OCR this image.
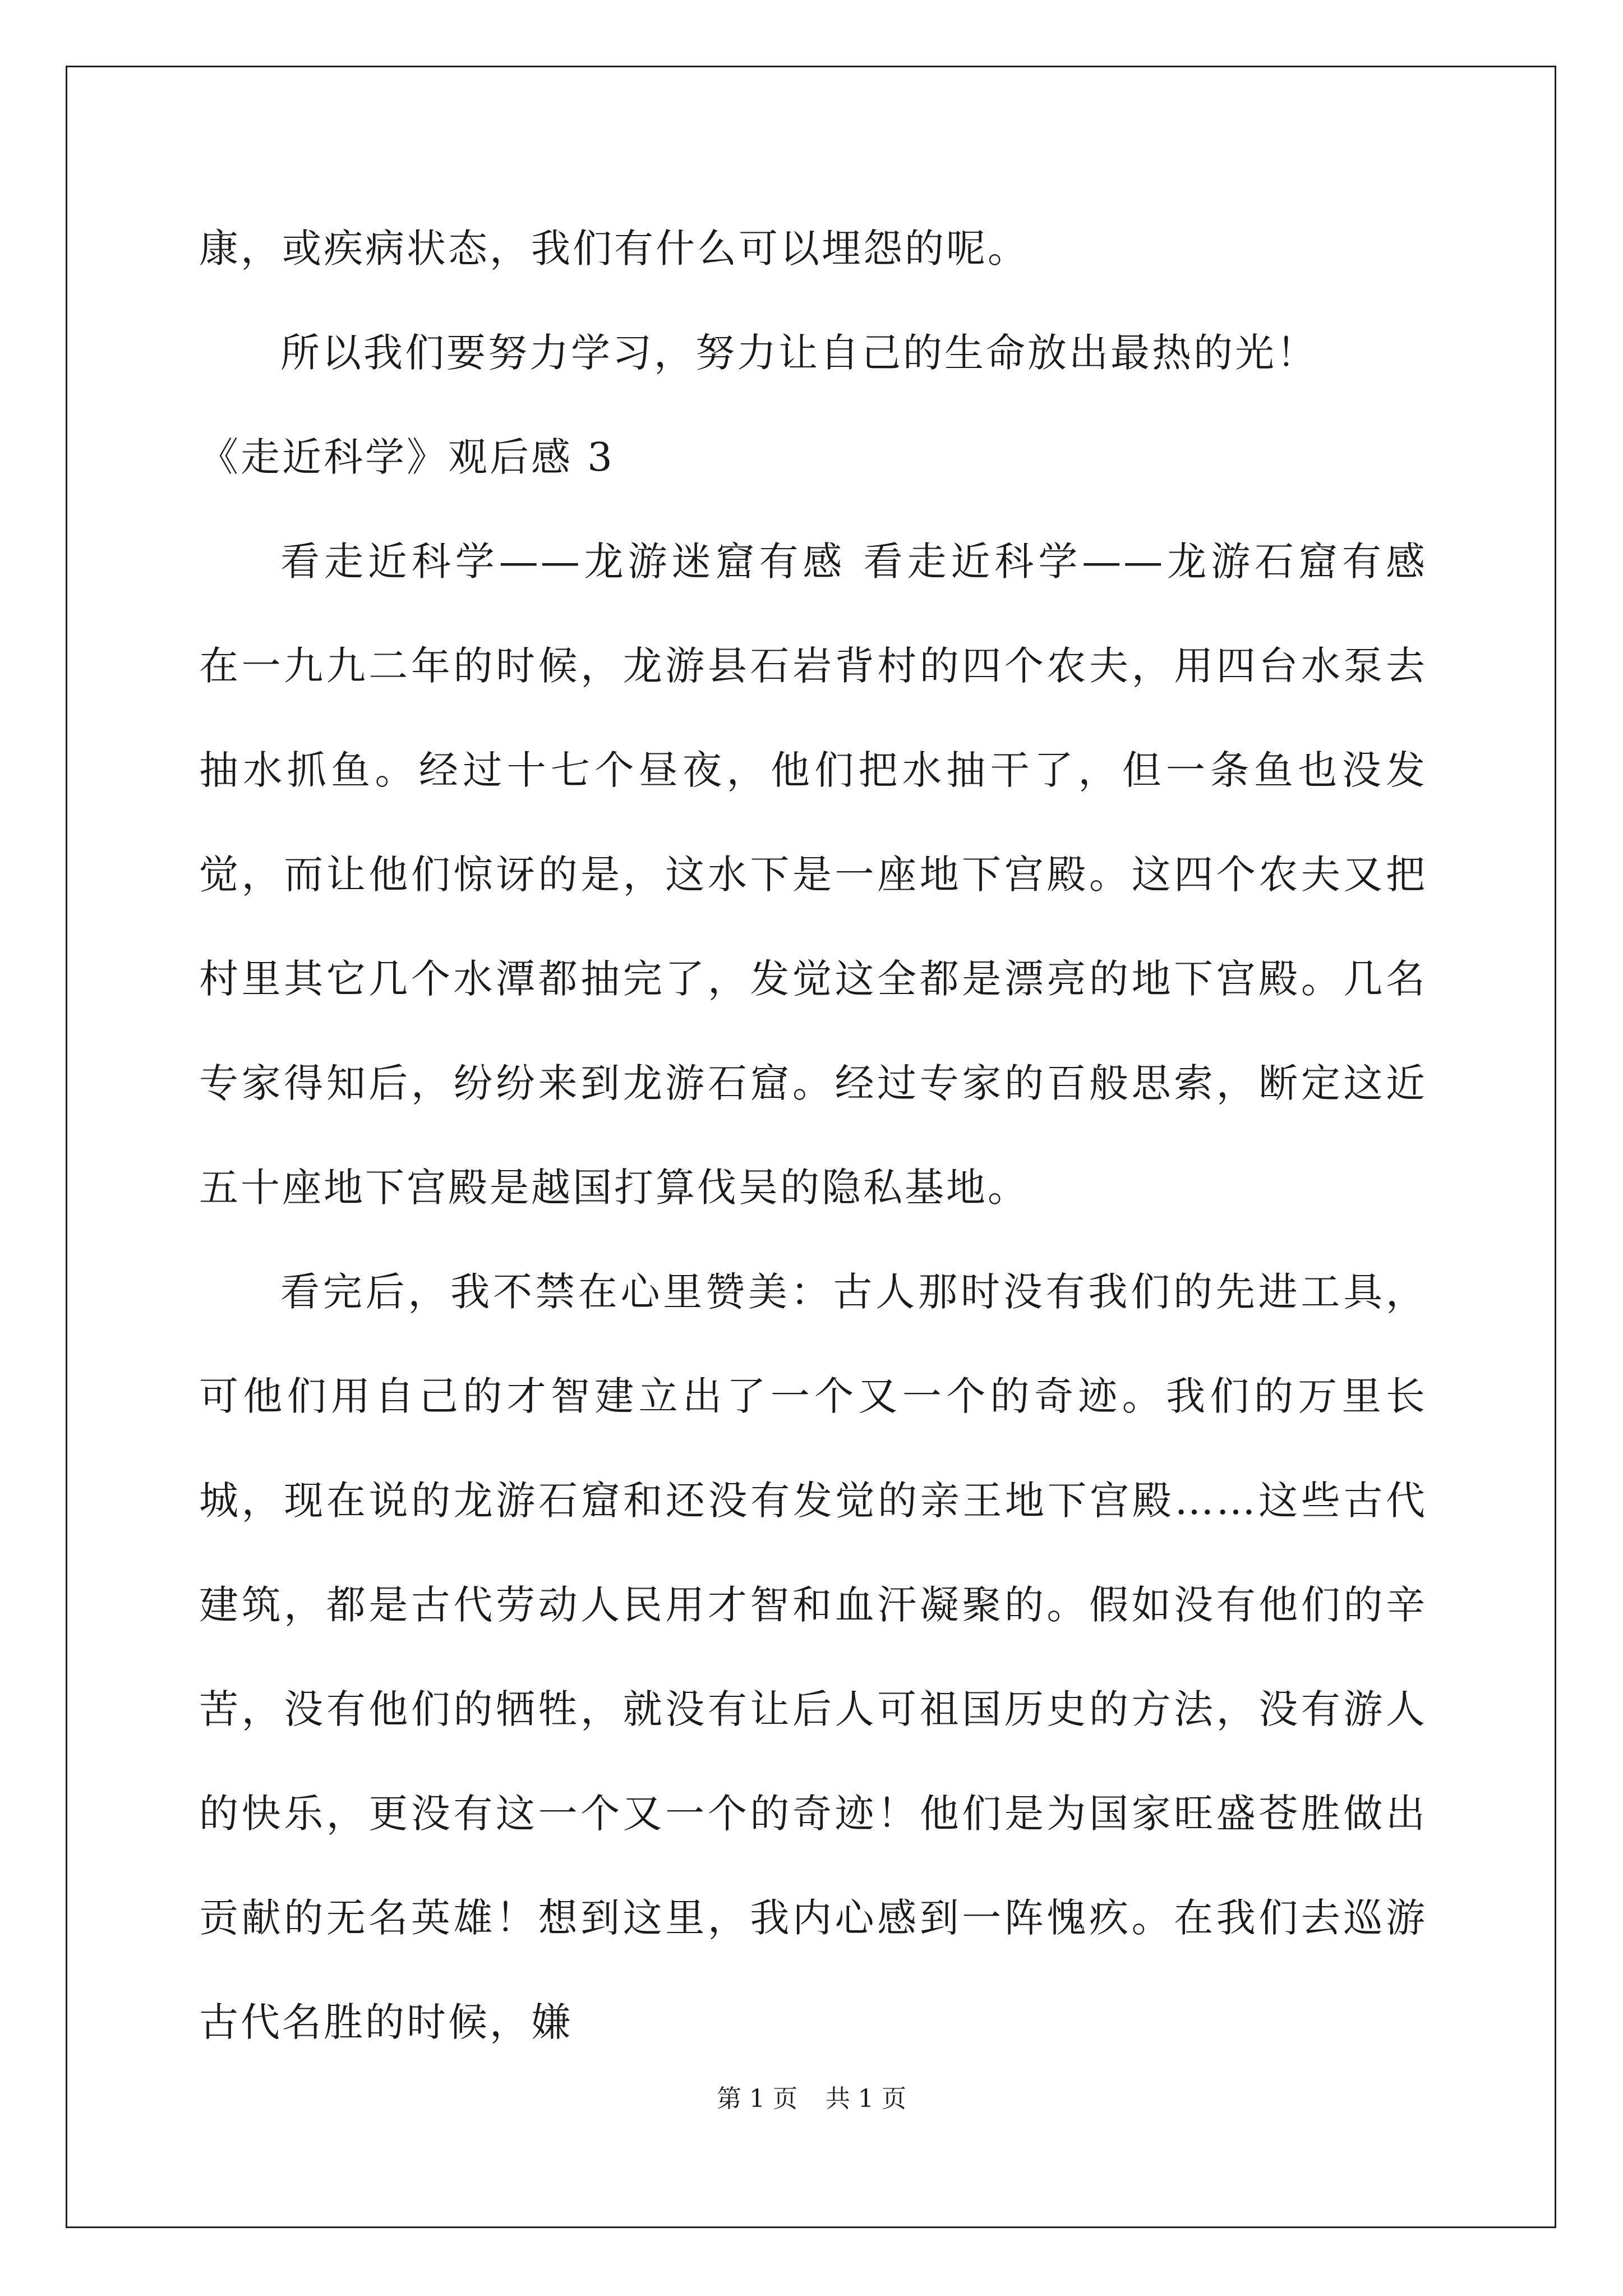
康，或疾病状态，我们有什么可以埋怨的呢。

所以我们要努力学习，努力让自己的生命放出最热的光！

《走近科学》观后感 3

看走近科学——龙游迷窟有感 看走近科学——龙游石窟有感 在一九九二年的时候，龙游县石岩背村的四个农夫，用四台水泵去抽水抓鱼。经过十七个昼夜，他们把水抽干了，但一条鱼也没发觉，而让他们惊讶的是，这水下是一座地下宫殿。这四个农夫又把村里其它几个水潭都抽完了，发觉这全都是漂亮的地下宫殿。几名专家得知后，纷纷来到龙游石窟。经过专家的百般思索，断定这近五十座地下宫殿是越国打算伐吴的隐私基地。

看完后，我不禁在心里赞美：古人那时没有我们的先进工具，可他们用自己的才智建立出了一个又一个的奇迹。我们的万里长城，现在说的龙游石窟和还没有发觉的亲王地下宫殿……这些古代建筑，都是古代劳动人民用才智和血汗凝聚的。假如没有他们的辛苦，没有他们的牺牲，就没有让后人可祖国历史的方法，没有游人的快乐，更没有这一个又一个的奇迹！他们是为国家旺盛苍胜做出贡献的无名英雄！想到这里，我内心感到一阵愧疚。在我们去巡游古代名胜的时候，嫌

第 1 页 共 1 页
